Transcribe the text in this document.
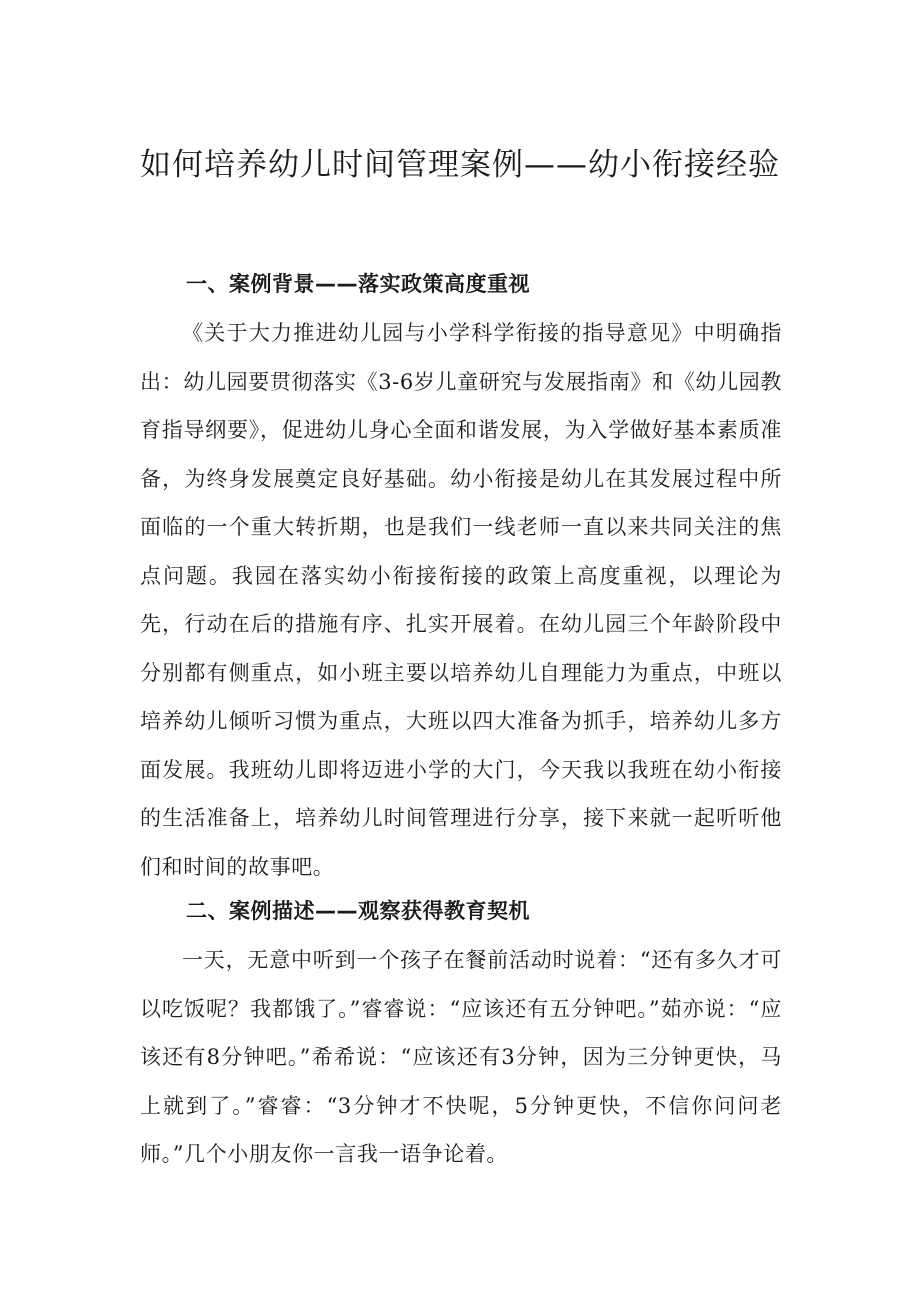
如何培养幼儿时间管理案例——幼小衔接经验
一、案例背景——落实政策高度重视

《关于大力推进幼儿园与小学科学衔接的指导意见》中明确指出：幼儿园要贯彻落实《3-6岁儿童研究与发展指南》和《幼儿园教育指导纲要》，促进幼儿身心全面和谐发展，为入学做好基本素质准备，为终身发展奠定良好基础。幼小衔接是幼儿在其发展过程中所面临的一个重大转折期，也是我们一线老师一直以来共同关注的焦点问题。我园在落实幼小衔接衔接的政策上高度重视，以理论为先，行动在后的措施有序、扎实开展着。在幼儿园三个年龄阶段中分别都有侧重点，如小班主要以培养幼儿自理能力为重点，中班以培养幼儿倾听习惯为重点，大班以四大准备为抓手，培养幼儿多方面发展。我班幼儿即将迈进小学的大门，今天我以我班在幼小衔接的生活准备上，培养幼儿时间管理进行分享，接下来就一起听听他们和时间的故事吧。

二、案例描述——观察获得教育契机

一天，无意中听到一个孩子在餐前活动时说着：“还有多久才可以吃饭呢？我都饿了。”睿睿说：“应该还有五分钟吧。”茹亦说：“应该还有8分钟吧。”希希说：“应该还有3分钟，因为三分钟更快，马上就到了。”睿睿：“3分钟才不快呢，5分钟更快，不信你问问老师。”几个小朋友你一言我一语争论着。
